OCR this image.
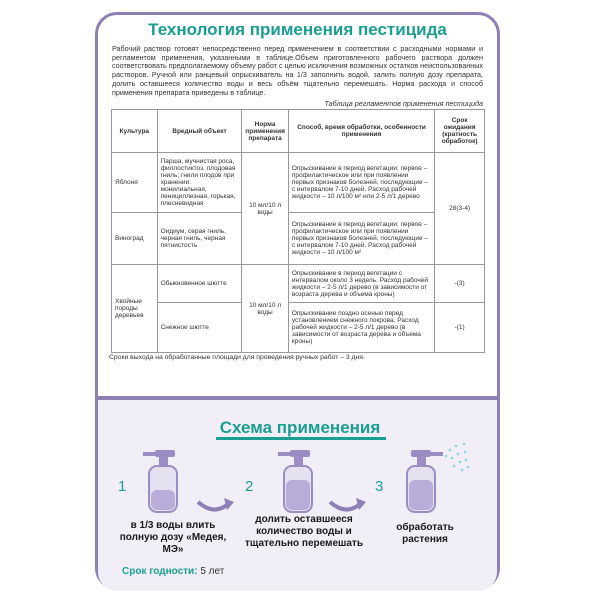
Технология применения пестицида
Рабочий раствор готовят непосредственно перед применением в соответствии с расходными нормами и регламентом применения, указанными в таблице.Объем приготовленного рабочего раствора должен соответствовать предполагаемому объему работ с целью исключения возможных остатков неиспользованных растворов. Ручной или ранцевый опрыскиватель на 1/3 заполнить водой, залить полную дозу препарата, долить оставшееся количество воды и весь объём тщательно перемешать. Норма расхода и способ применения препарата приведены в таблице.
Таблица регламентов применения пестицида
Культура	Вредный объект	Норма применения препарата	Способ, время обработки, особенности применения	Срок ожидания (кратность обработок)
Яблоня	Парша, мучнистая роса, филлостиктоз, плодовая гниль; гнили плодов при хранении: монилиальная, пенициллезная, горькая, плесневидная	10 мл/10 л воды	Опрыскивание в период вегетации: первое – профилактическое или при появлении первых признаков болезней, последующие – с интервалом 7-10 дней. Расход рабочей жидкости – 10 л/100 м² или 2-5 л/1 дерево	28(3-4)
Виноград	Оидиум, серая гниль, черная гниль, черная пятнистость		Опрыскивание в период вегетации: первое – профилактическое или при появлении первых признаков болезней, последующие – с интервалом 7-10 дней. Расход рабочей жидкости – 10 л/100 м²	
Хвойные породы деревьев	Обыкновенное шютте	10 мл/10 л воды	Опрыскивание в период вегетации с интервалом около 3 недель. Расход рабочей жидкости – 2-5 л/1 дерево (в зависимости от возраста дерева и объема кроны)	-(3)
	Снежное шютте		Опрыскивание поздно осенью перед установлением снежного покрова. Расход рабочей жидкости – 2-5 л/1 дерево (в зависимости от возраста дерева и объема кроны)	-(1)
Сроки выхода на обработанные площади для проведения ручных работ – 3 дня.
Схема применения
1
в 1/3 воды влить полную дозу «Медея, МЭ»
2
долить оставшееся количество воды и тщательно перемешать
3
обработать растения
Срок годности: 5 лет
